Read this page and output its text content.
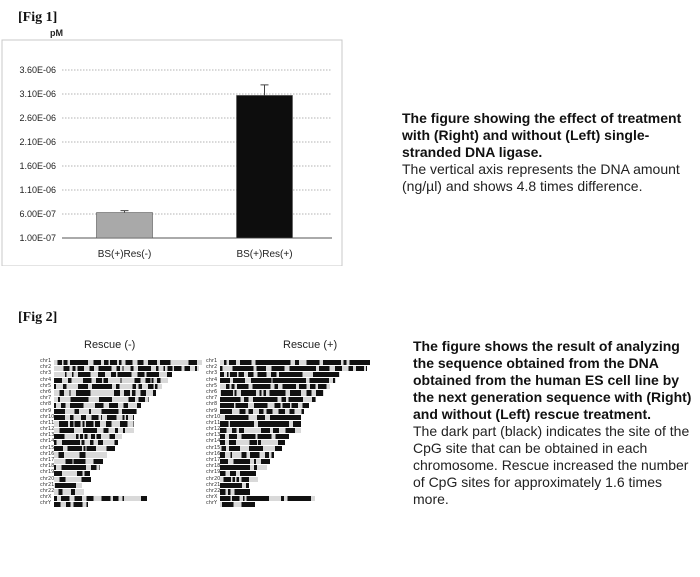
[Fig 1]
pM
1.00E-07
6.00E-07
1.10E-06
1.60E-06
2.10E-06
2.60E-06
3.10E-06
3.60E-06
BS(+)Res(-)	BS(+)Res(+)
The figure showing the effect of treatment with (Right) and without (Left) single-stranded DNA ligase.
The vertical axis represents the DNA amount (ng/µl) and shows 4.8 times difference.
[Fig 2]
Rescue (-)	Rescue (+)
chr1
chr2
chr3
chr4
chr5
chr6
chr7
chr8
chr9
chr10
chr11
chr12
chr13
chr14
chr15
chr16
chr17
chr18
chr19
chr20
chr21
chr22
chrX
chrY
chr1
chr2
chr3
chr4
chr5
chr6
chr7
chr8
chr9
chr10
chr11
chr12
chr13
chr14
chr15
chr16
chr17
chr18
chr19
chr20
chr21
chr22
chrX
chrY
The figure shows the result of analyzing the sequence obtained from the DNA obtained from the human ES cell line by the next generation sequence with (Right) and without (Left) rescue treatment.
The dark part (black) indicates the site of the CpG site that can be obtained in each chromosome. Rescue increased the number of CpG sites for approximately 1.6 times more.
